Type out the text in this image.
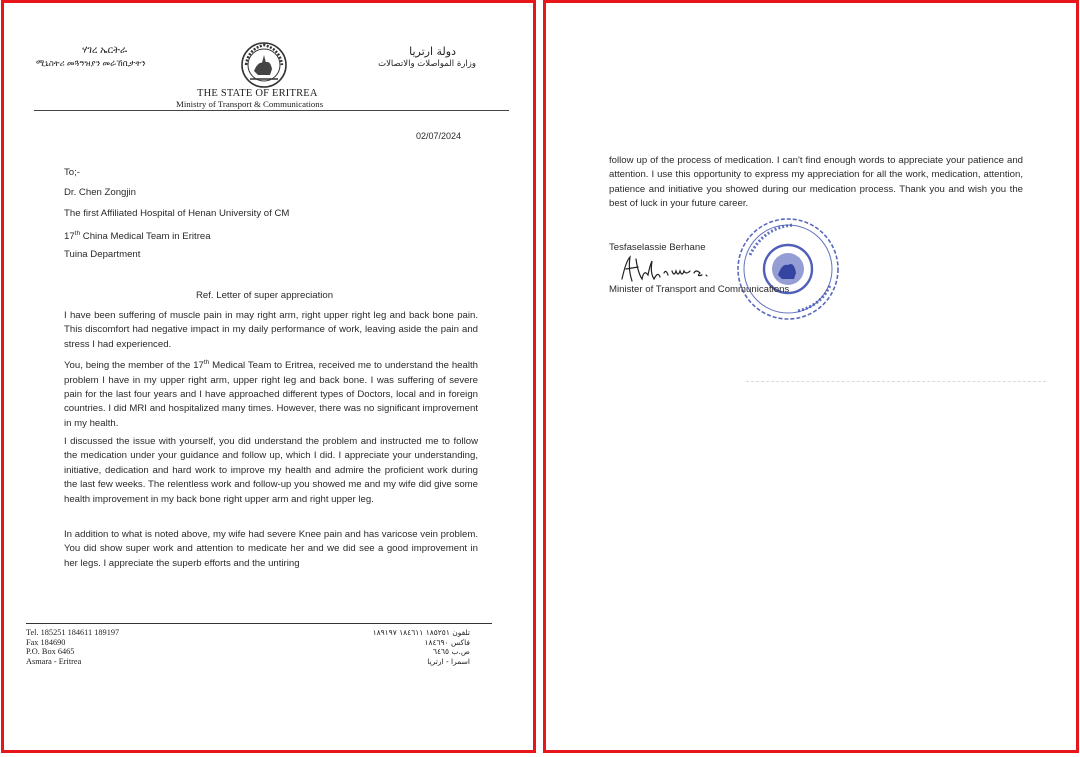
ሃገረ ኤርትራ
ሚኒስትሪ መጓዓዝያን መራኸቢታትን
دولة ارتريا
وزارة المواصلات والاتصالات
THE STATE OF ERITREA
Ministry of Transport & Communications
02/07/2024
To;-
Dr. Chen Zongjin
The first Affiliated Hospital of Henan University of CM
17th China Medical Team in Eritrea
Tuina Department
Ref. Letter of super appreciation
I have been suffering of muscle pain in may right arm, right upper right leg and back bone pain. This discomfort had negative impact in my daily performance of work, leaving aside the pain and stress I had experienced.
You, being the member of the 17th Medical Team to Eritrea, received me to understand the health problem I have in my upper right arm, upper right leg and back bone. I was suffering of severe pain for the last four years and I have approached different types of Doctors, local and in foreign countries. I did MRI and hospitalized many times. However, there was no significant improvement in my health.
I discussed the issue with yourself, you did understand the problem and instructed me to follow the medication under your guidance and follow up, which I did. I appreciate your understanding, initiative, dedication and hard work to improve my health and admire the proficient work during the last few weeks. The relentless work and follow-up you showed me and my wife did give some health improvement in my back bone right upper arm and right upper leg.
In addition to what is noted above, my wife had severe Knee pain and has varicose vein problem. You did show super work and attention to medicate her and we did see a good improvement in her legs. I appreciate the superb efforts and the untiring
Tel. 185251 184611 189197
Fax 184690
P.O. Box 6465
Asmara - Eritrea
تلفون ١٨٥٢٥١ ١٨٤٦١١ ١٨٩١٩٧
فاكس ١٨٤٦٩٠
ص.ب ٦٤٦٥
اسمرا - ارتريا
follow up of the process of medication. I can't find enough words to appreciate your patience and attention. I use this opportunity to express my appreciation for all the work, medication, attention, patience and initiative you showed during our medication process. Thank you and wish you the best of luck in your future career.
Tesfaselassie Berhane
Minister of Transport and Communications
